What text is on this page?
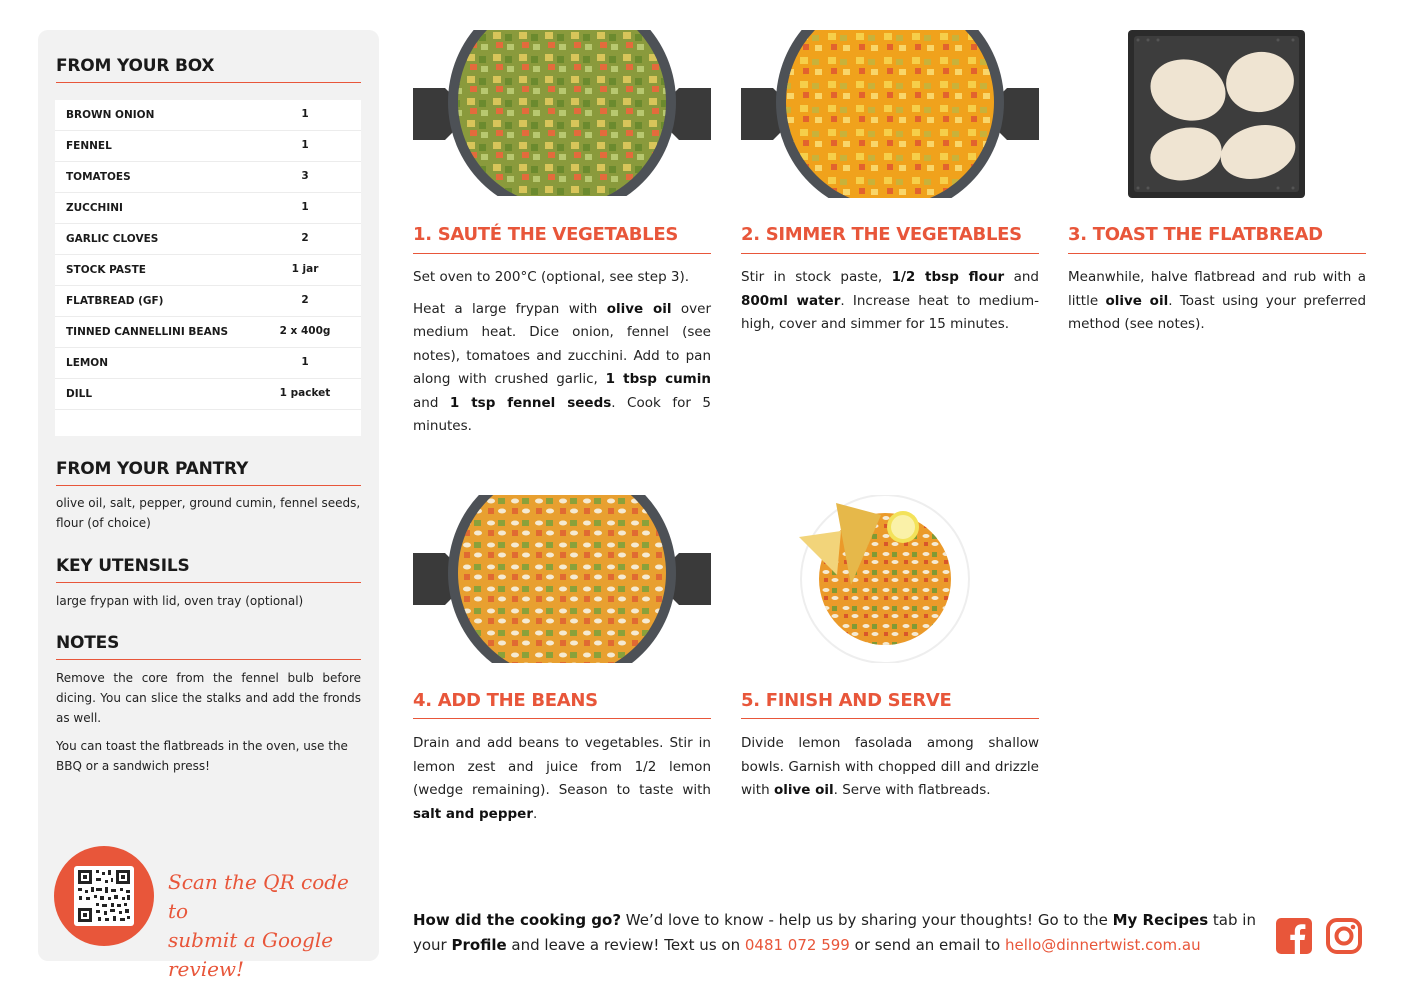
FROM YOUR BOX
BROWN ONION	1
FENNEL	1
TOMATOES	3
ZUCCHINI	1
GARLIC CLOVES	2
STOCK PASTE	1 jar
FLATBREAD (GF)	2
TINNED CANNELLINI BEANS	2 x 400g
LEMON	1
DILL	1 packet
FROM YOUR PANTRY
olive oil, salt, pepper, ground cumin, fennel seeds, flour (of choice)
KEY UTENSILS
large frypan with lid, oven tray (optional)
NOTES
Remove the core from the fennel bulb before dicing. You can slice the stalks and add the fronds as well.
You can toast the flatbreads in the oven, use the BBQ or a sandwich press!
Scan the QR code to
submit a Google review!
1. SAUTÉ THE VEGETABLES	2. SIMMER THE VEGETABLES	3. TOAST THE FLATBREAD
4. ADD THE BEANS	5. FINISH AND SERVE

Set oven to 200°C (optional, see step 3).

Heat a large frypan with olive oil over medium heat. Dice onion, fennel (see notes), tomatoes and zucchini. Add to pan along with crushed garlic, 1 tbsp cumin and 1 tsp fennel seeds. Cook for 5 minutes.

Stir in stock paste, 1/2 tbsp flour and 800ml water. Increase heat to medium-high, cover and simmer for 15 minutes.

Meanwhile, halve flatbread and rub with a little olive oil. Toast using your preferred method (see notes).

Drain and add beans to vegetables. Stir in lemon zest and juice from 1/2 lemon (wedge remaining). Season to taste with salt and pepper.

Divide lemon fasolada among shallow bowls. Garnish with chopped dill and drizzle with olive oil. Serve with flatbreads.

How did the cooking go? We’d love to know - help us by sharing your thoughts! Go to the My Recipes tab in your Profile and leave a review! Text us on 0481 072 599 or send an email to hello@dinnertwist.com.au
